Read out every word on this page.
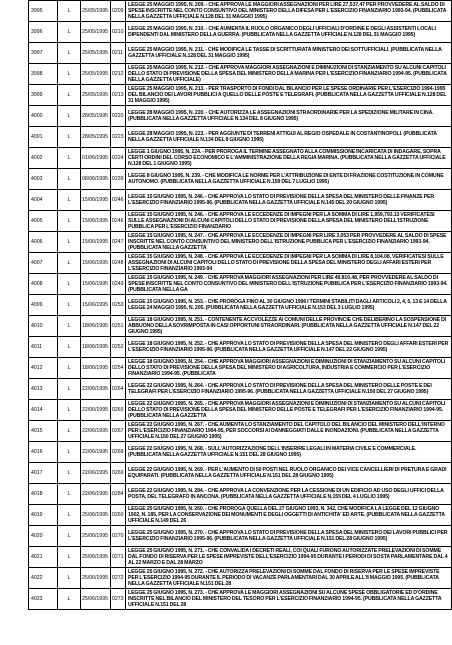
3995	L	25/05/1995	0209	LEGGE 25 MAGGIO 1995, N. 209. - CHE APPROVA LE MAGGIORI ASSEGNAZIONI PER LIRE 27,537.47 PER PROVVEDERE AL SALDO DI SPESE INSCRITTE NEL CONTO CONSUNTIVO DEL MINISTERO DELLA DIFESA PER L'ESERCIZIO FINANZIARIO 1993-94. (PUBBLICATA NELLA GAZZETTA UFFICIALE N.128 DEL 31 MAGGIO 1995)
3996	L	25/05/1995	0210	LEGGE 25 MAGGIO 1995, N. 210. - CHE AUMENTA IL RUOLO ORGANICO DEGLI UFFICIALI D'ORDINE E DEGLI ASSISTENTI LOCALI DIPENDENTI DAL MINISTERO DELLA GUERRA. (PUBBLICATA NELLA GAZZETTA UFFICIALE N.128 DEL 31 MAGGIO 1995)
3997	L	25/05/1995	0211	LEGGE 25 MAGGIO 1995, N. 211. - CHE MODIFICA LE TASSE DI SCRITTURATA MINISTERO DEI SOTTUFFICIALI. (PUBBLICATA NELLA GAZZETTA UFFICIALE N.128 DEL 31 MAGGIO 1995)
3998	L	25/05/1995	0212	LEGGE 25 MAGGIO 1995, N. 212. - CHE APPROVA MAGGIORI ASSEGNAZIONI E DIMINUZIONI DI STANZIAMENTO SU ALCUNI CAPITOLI DELLO STATO DI PREVISIONE DELLA SPESA DEL MINISTERO DELLA MARINA PER L'ESERCIZIO FINANZIARIO 1994-95. (PUBBLICATA NELLA GAZZETTA UFFICIALE)
3999	L	25/05/1995	0213	LEGGE 25 MAGGIO 1995, N. 213. - PER TRASPORTO DI FONDI DAL BILANCIO PER LE SPESE ORDINARIE PER L'ESERCIZIO 1994-1995 DEL BILANCIO DEI LAVORI PUBBLICI A QUELLO DELLE POSTE E TELEGRAFI. (PUBBLICATA NELLA GAZZETTA UFFICIALE N.128 DEL 31 MAGGIO 1995)
4000	L	28/05/1995	0220	LEGGE 28 MAGGIO 1995, N. 220. - CHE AUTORIZZA LE ASSEGNAZIONI STRAORDINARIE PER LA SPEDIZIONE MILITARE IN CINA. (PUBBLICATA NELLA GAZZETTA UFFICIALE N.134 DEL 8 GIUGNO 1995)
4001	L	28/05/1995	0223	LEGGE 28 MAGGIO 1995, N. 223. - PER AGGIUNTE DI TERRENI ATTIGUI AL REGIO OSPEDALE IN COSTANTINOPOLI. (PUBBLICATA NELLA GAZZETTA UFFICIALE N.134 DEL 8 GIUGNO 1995)
4002	L	01/06/1995	0224	LEGGE 1 GIUGNO 1995, N. 224. - PER PROROGA IL TERMINE ASSEGNATO ALLA COMMISSIONE INCARICATA DI INDAGARE, SOPRA CERTI ORDINI DEL CORSO ECONOMICO E L'AMMINISTRAZIONE DELLA REGIA MARINA. (PUBBLICATA NELLA GAZZETTA UFFICIALE N.128 DEL 1 GIUGNO 1995)
4003	L	08/06/1995	0239	LEGGE 8 GIUGNO 1995, N. 239. - CHE MODIFICA LE NORME PER L'ATTRIBUZIONE DI ENTE DI FRAZIONE COSTITUZIONE IN COMUNE AUTONOMO. (PUBBLICATA NELLA GAZZETTA UFFICIALE N.159 DEL 7 LUGLIO 1995)
4004	L	15/06/1995	0246	LEGGE 15 GIUGNO 1995, N. 246. - CHE APPROVA LO STATO DI PREVISIONE DELLA SPESA DEL MINISTERO DELLE FINANZE PER L'ESERCIZIO FINANZIARIO 1995-96. (PUBBLICATA NELLA GAZZETTA UFFICIALE N.145 DEL 20 GIUGNO 1995)
4005	L	15/06/1995	0246	LEGGE 15 GIUGNO 1995, N. 246. - CHE APPROVA LE ECCEDENZE DI IMPEGNI PER LA SOMMA DI LIRE 1,959,793.13 VERIFICATESI SULLE ASSEGNAZIONI DI ALCUNI CAPITOLI DELLO STATO DI PREVISIONE DELLA SPESA DEL MINISTERO DELL'ISTRUZIONE PUBBLICA PER L'ESERCIZIO FINANZIARIO
4006	L	15/06/1995	0247	LEGGE 15 GIUGNO 1995, N. 247. - CHE APPROVA LE ECCEDENZE DI IMPEGNI PER LIRE 3,053 PER PROVVEDERE AL SALDO DI SPESE INSCRITTE NEL CONTO CONSUNTIVO DEL MINISTERO DELL'ISTRUZIONE PUBBLICA PER L'ESERCIZIO FINANZIARIO 1993-94. (PUBBLICATA NELLA GAZZETTA
4007	L	15/06/1995	0248	LEGGE 15 GIUGNO 1995, N. 248. - CHE APPROVA LE ECCEDENZE DI IMPEGNI PER LA SOMMA DI LIRE 8,104.08, VERIFICATESI SULLE ASSEGNAZIONI DI ALCUNI CAPITOLI DELLO STATO DI PREVISIONE DELLA SPESA DEL MINISTERO DEGLI AFFARI ESTERI PER L'ESERCIZIO FINANZIARIO 1993-94
4008	L	15/06/1995	0249	LEGGE 15 GIUGNO 1995, N. 249. - CHE APPROVA MAGGIORI ASSEGNAZIONI PER LIRE 49.810.48, PER PROVVEDERE AL SALDO DI SPESE INSCRITTE NEL CONTO CONSUNTIVO DEL MINISTERO DELL'ISTRUZIONE PUBBLICA PER L'ESERCIZIO FINANZIARIO 1993-94. (PUBBLICATA NELLA GA
4009	L	15/06/1995	0253	LEGGE 15 GIUGNO 1995, N. 253. - CHE PROROGA FINO AL 30 GIUGNO 1996 I TERMINI STABILITI DAGLI ARTICOLI 2, 4, 5, 13 E 14 DELLA LEGGE 24 MAGGIO 1995, N. 205. (PUBBLICATA NELLA GAZZETTA UFFICIALE N.153 DEL 3 LUGLIO 1995)
4010	L	18/06/1995	0251	LEGGE 18 GIUGNO 1995, N. 251. - CONTENENTE ACCVOLEZZE AI COMUNI DELLE PROVINCIE CHE DELIBERINO LA SOSPENSIONE DI ABBUONO DELLA SOVRIMPOSTA IN CASI OPPORTUNI STRAORDINARI. (PUBBLICATA NELLA GAZZETTA UFFICIALE N.147 DEL 22 GIUGNO 1995)
4011	L	18/06/1995	0252	LEGGE 18 GIUGNO 1995, N. 252. - CHE APPROVA LO STATO DI PREVISIONE DELLA SPESA DEL MINISTERO DEGLI AFFARI ESTERI PER L'ESERCIZIO FINANZIARIO 1995-96. (PUBBLICATA NELLA GAZZETTA UFFICIALE N.147 DEL 22 GIUGNO 1995)
4012	L	18/06/1995	0254	LEGGE 18 GIUGNO 1995, N. 254. - CHE APPROVA MAGGIORI ASSEGNAZIONI E DIMINUZIONI DI STANZIAMENTO SU ALCUNI CAPITOLI DELLO STATO DI PREVISIONE DELLA SPESA DEL MINISTERO DI AGRICOLTURA, INDUSTRIA E COMMERCIO PER L'ESERCIZIO FINANZIARIO 1994-95. (PUBBLICATA
4013	L	22/06/1995	0264	LEGGE 22 GIUGNO 1995, N. 264. - CHE APPROVA LO STATO DI PREVISIONE DELLA SPESA DEL MINISTERO DELLE POSTE E DEI TELEGRAFI PER L'ESERCIZIO FINANZIARIO 1995-96. (PUBBLICATA NELLA GAZZETTA UFFICIALE N.150 DEL 27 GIUGNO 1995)
4014	L	22/06/1995	0265	LEGGE 22 GIUGNO 1995, N. 265. - CHE APPROVA MAGGIORI ASSEGNAZIONI E DIMINUZIONI DI STANZIAMENTO SU ALCUNI CAPITOLI DELLO STATO DI PREVISIONE DELLA SPESA DEL MINISTERO DELLE POSTE E TELEGRAFI PER L'ESERCIZIO FINANZIARIO 1994-95. (PUBBLICATA NELLA GAZZETTA
4015	L	22/06/1995	0267	LEGGE 22 GIUGNO 1995, N. 267. - CHE AUMENTA LO STANZIAMENTO DEL CAPITOLO DEL BILANCIO DEL MINISTERO DELL'INTERNO PER L'ESERCIZIO FINANZIARIO 1994-95, PER SOCCORSI AI DANNEGGIATI DALLE INONDAZIONI. (PUBBLICATA NELLA GAZZETTA UFFICIALE N.150 DEL 27 GIUGNO 1995)
4016	L	22/06/1995	0268	LEGGE 22 GIUGNO 1995, N. 268. - SULL'AUTORIZZAZIONE DELL'INSERIRE LEGALI IN MATERIA CIVILE E COMMERCIALE. (PUBBLICATA NELLA GAZZETTA UFFICIALE N.151 DEL 28 GIUGNO 1995)
4017	L	22/06/1995	0269	LEGGE 22 GIUGNO 1995, N. 269. - PER L'AUMENTO DI 50 POSTI NEL RUOLO ORGANICO DEI VICE CANCELLIERI DI PRETURA E GRADI EQUIPARATI. (PUBBLICATA NELLA GAZZETTA UFFICIALE N.151 DEL 28 GIUGNO 1995)
4018	L	22/06/1995	0284	LEGGE 22 GIUGNO 1995, N. 284. - CHE APPROVA LA CONVENZIONE PER LA CESSIONE DI UN EDIFICIO AD USO DEGLI UFFICI DELLA POSTA, DEL TELEGRAFO IN ANCONA. (PUBBLICATA NELLA GAZZETTA UFFICIALE N.155 DEL 4 LUGLIO 1995)
4019	L	25/06/1995	0260	LEGGE 25 GIUGNO 1995, N. 260. - CHE PROROGA QUELLA DEL 27 GIUGNO 1993, N. 342, CHE MODIFICA LA LEGGE DEL 12 GIUGNO 1902, N. 185, PER LA CONSERVAZIONE DEI MONUMENTI E DEGLI OGGETTI DI ANTICHITA' ED ARTE. (PUBBLICATA NELLA GAZZETTA UFFICIALE N.149 DEL 26
4020	L	25/06/1995	0270	LEGGE 25 GIUGNO 1995, N. 270. - CHE APPROVA LO STATO DI PREVISIONE DELLA SPESA DEL MINISTERO DEI LAVORI PUBBLICI PER L'ESERCIZIO FINANZIARIO 1995-96. (PUBBLICATA NELLA GAZZETTA UFFICIALE N.151 DEL 28 GIUGNO 1995)
4021	L	25/06/1995	0271	LEGGE 25 GIUGNO 1995, N. 271. - CHE CONVALIDA I DECRETI REALI, COI QUALI FURONO AUTORIZZATE PRELEVAZIONI DI SOMME DAL FONDO DI RISERVA PER LE SPESE IMPREVISTE DELL'ESERCIZIO 1994-95 DURANTE I PERIODI DI SOSTA PARLAMENTARE DAL 4 AL 22 MARZO E DAL 28 MARZO
4022	L	25/06/1995	0272	LEGGE 25 GIUGNO 1995, N. 272. - CHE AUTORIZZA PRELEVAZIONI DI SOMME DAL FONDO DI RISERVA PER LE SPESE IMPREVISTE PER L'ESERCIZIO 1994-95 DURANTE IL PERIODO DI VACANZE PARLAMENTARI DAL 30 APRILE ALL'8 MAGGIO 1995. (PUBBLICATA NELLA GAZZETTA UFFICIALE N.151 DEL 28
4023	L	25/06/1995	0273	LEGGE 25 GIUGNO 1995, N. 273. - CHE APPROVA LE MAGGIORI ASSEGNAZIONI SU ALCUNE SPESE OBBLIGATORIE ED D'ORDINE INSCRITTE NEL BILANCIO DEL MINISTERO DEL TESORO PER L'ESERCIZIO FINANZIARIO 1994-95. (PUBBLICATA NELLA GAZZETTA UFFICIALE N.151 DEL 28
